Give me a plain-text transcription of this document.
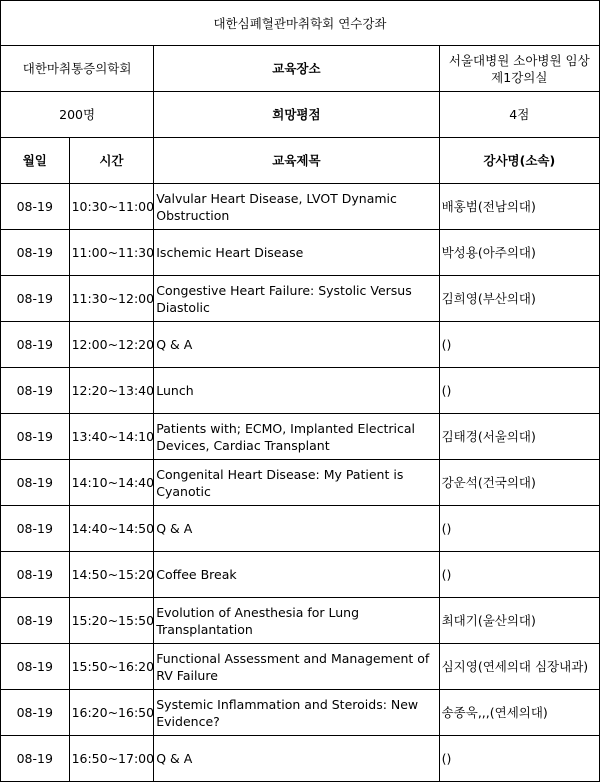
대한심폐혈관마취학회 연수강좌			
대한마취통증의학회		교육장소	서울대병원 소아병원 임상 제1강의실
200명		희망평점	4점
월일	시간	교육제목	강사명(소속)
08-19	10:30~11:00	Valvular Heart Disease, LVOT Dynamic Obstruction	배홍범(전남의대)
08-19	11:00~11:30	Ischemic Heart Disease	박성용(아주의대)
08-19	11:30~12:00	Congestive Heart Failure: Systolic Versus Diastolic	김희영(부산의대)
08-19	12:00~12:20	Q & A	()
08-19	12:20~13:40	Lunch	()
08-19	13:40~14:10	Patients with; ECMO, Implanted Electrical Devices, Cardiac Transplant	김태경(서울의대)
08-19	14:10~14:40	Congenital Heart Disease: My Patient is Cyanotic	강운석(건국의대)
08-19	14:40~14:50	Q & A	()
08-19	14:50~15:20	Coffee Break	()
08-19	15:20~15:50	Evolution of Anesthesia for Lung Transplantation	최대기(울산의대)
08-19	15:50~16:20	Functional Assessment and Management of RV Failure	심지영(연세의대 심장내과)
08-19	16:20~16:50	Systemic Inflammation and Steroids: New Evidence?	송종욱,,,(연세의대)
08-19	16:50~17:00	Q & A	()
